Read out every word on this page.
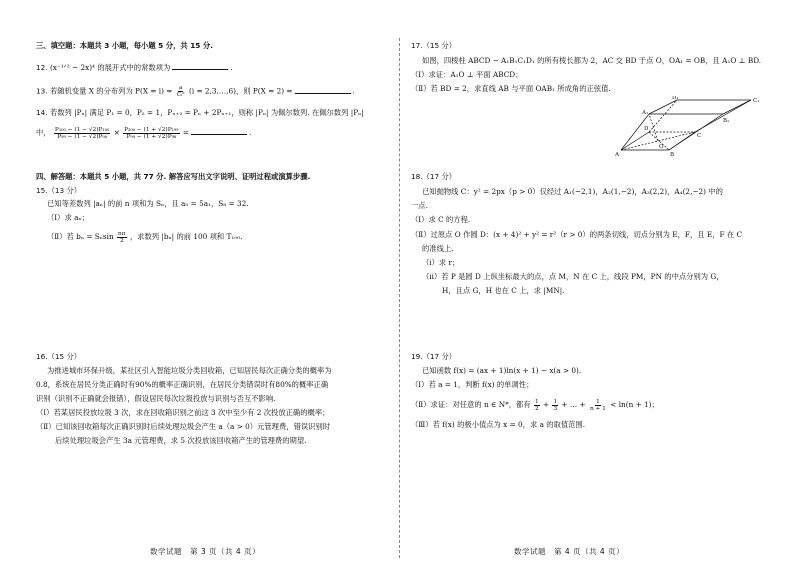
三、填空题：本题共 3 小题，每小题 5 分，共 15 分.
12. (x⁻¹ᐟ² − 2x)⁴ 的展开式中的常数项为	.
13. 若随机变量 X 的分布列为 $P(X = i) = \frac{a}{\text{Cᵢ²}} (i$ = 2,3,…,6)，则 P(X = 2) =	.
14. 若数列 |Pₙ| 满足 P₁ = 0，P₂ = 1，Pₙ₊₂ = Pₙ + 2Pₙ₊₁，则称 |Pₙ| 为佩尔数列. 在佩尔数列 |Pₙ|
中， $\frac{\text{P₁₀₀ − (1 − √2)P₁₀₀}}{\text{P₉₉ − (1 − √2)P₉₈}} \times \frac{\text{P₂₀₀ − (1 + √2)P₁₉₉}}{\text{P₉₉ − (1 + √2)P₉₈}}$ =	.
四、解答题：本题共 5 小题，共 77 分. 解答应写出文字说明、证明过程或演算步骤.
15.（13 分）
已知等差数列 |aₙ| 的前 n 项和为 Sₙ，且 a₅ = 5a₁，S₈ = 32.
（Ⅰ）求 aₙ；
（Ⅱ）若 bₙ = Sₙsin $\frac{n\pi}{2}$ ，求数列 |bₙ| 的前 100 项和 T₁₀₀.
16.（15 分）
为推进城市环保升级，某社区引入智能垃圾分类回收箱，已知居民每次正确分类的概率为
0.8，系统在居民分类正确时有90%的概率正确识别，在居民分类错误时有80%的概率正确
识别（识别不正确就会报错），假设居民每次垃圾投放与识别与否互不影响.
（Ⅰ）若某居民投放垃圾 3 次，求在回收箱识别之前这 3 次中至少有 2 次投放正确的概率；
（Ⅱ）已知该回收箱每次正确识别时后续处理垃圾会产生 a（a > 0）元管理费，错误识别时
后续处理垃圾会产生 3a 元管理费，求 5 次投放该回收箱产生的管理费的期望.
数学试题　第 3 页（共 4 页）
17.（15 分）
如图，四棱柱 ABCD − A₁B₁C₁D₁ 的所有棱长都为 2，AC 交 BD 于点 O，OA₁ = OB，且 A₁O ⊥ BD.
（Ⅰ）求证：A₁O ⊥ 平面 ABCD；
（Ⅱ）若 BD = 2，求直线 AB 与平面 OAB₁ 所成角的正弦值.
A	B
C
D
O
A₁
B₁
C₁
D₁
18.（17 分）
已知抛物线 C：y² = 2px（p > 0）仅经过 A₁(−2,1)，A₂(1,−2)，A₃(2,2)，A₄(2,−2) 中的
一点.
（Ⅰ）求 C 的方程.
（Ⅱ）过原点 O 作圆 D：(x + 4)² + y² = r²（r > 0）的两条切线，切点分别为 E，F，且 E，F 在 C
的准线上.
（ⅰ）求 r；
（ⅱ）若 P 是圆 D 上纵坐标最大的点，点 M，N 在 C 上，线段 PM，PN 的中点分别为 G，
H，且点 G，H 也在 C 上，求 |MN|.
19.（17 分）
已知函数 f(x) = (ax + 1)ln(x + 1) − x(a > 0).
（Ⅰ）若 a = 1，判断 f(x) 的单调性；
（Ⅱ）求证：对任意的 n ∈ N*，都有 $\frac{1}{2} + \frac{1}{3}$ + … + $\frac{1}{n + 1} < \ln(n + 1)$；
（Ⅲ）若 f(x) 的极小值点为 x = 0，求 a 的取值范围.
数学试题　第 4 页（共 4 页）
